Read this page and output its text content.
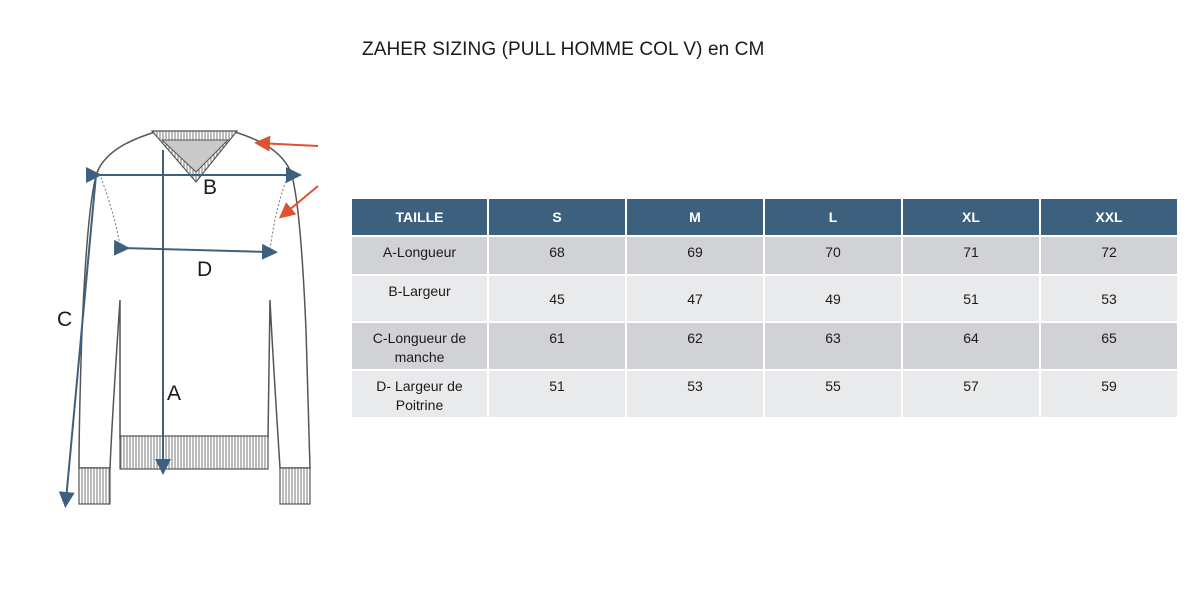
ZAHER SIZING (PULL HOMME COL V) en CM
B
D
C
A
TAILLE	S	M	L	XL	XXL
A-Longueur	68	69	70	71	72
B-Largeur	45	47	49	51	53
C-Longueur de manche	61	62	63	64	65
D- Largeur de Poitrine	51	53	55	57	59
